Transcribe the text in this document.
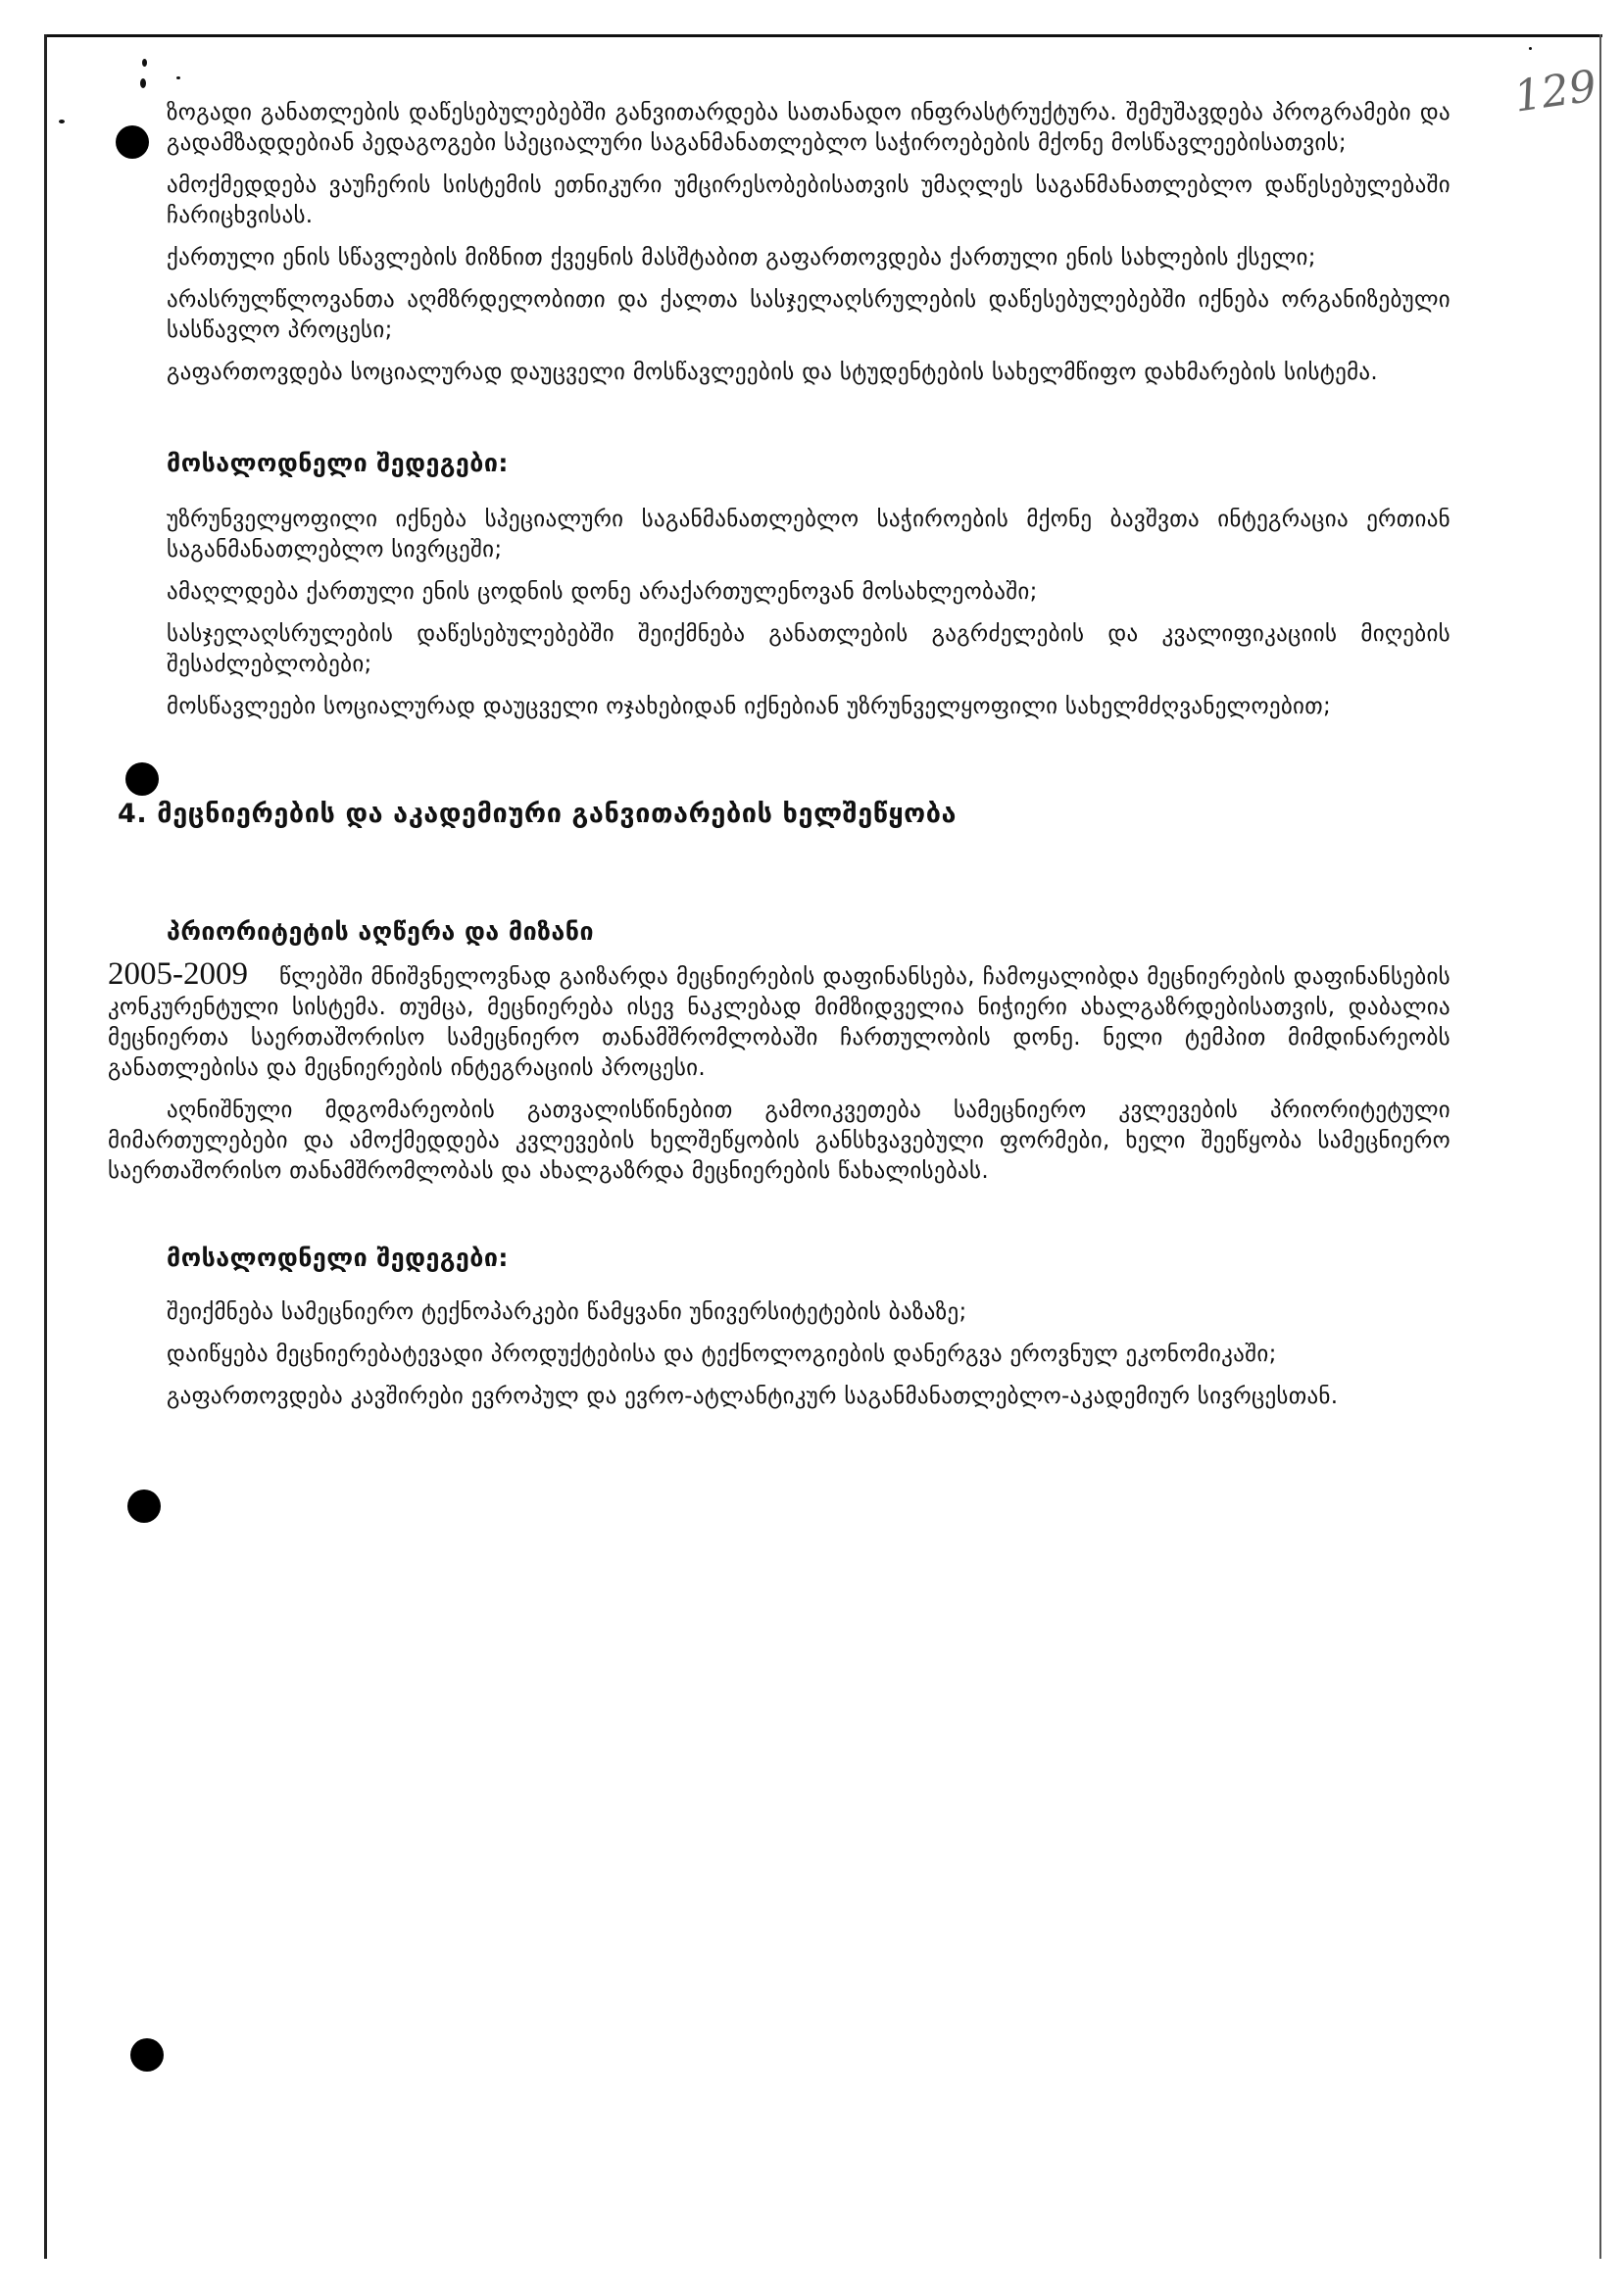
129

ზოგადი განათლების დაწესებულებებში განვითარდება სათანადო ინფრასტრუქტურა. შემუშავდება პროგრამები და გადამზადდებიან პედაგოგები სპეციალური საგანმანათლებლო საჭიროებების მქონე მოსწავლეებისათვის;

ამოქმედდება ვაუჩერის სისტემის ეთნიკური უმცირესობებისათვის უმაღლეს საგანმანათლებლო დაწესებულებაში ჩარიცხვისას.

ქართული ენის სწავლების მიზნით ქვეყნის მასშტაბით გაფართოვდება ქართული ენის სახლების ქსელი;

არასრულწლოვანთა აღმზრდელობითი და ქალთა სასჯელაღსრულების დაწესებულებებში იქნება ორგანიზებული სასწავლო პროცესი;

გაფართოვდება სოციალურად დაუცველი მოსწავლეების და სტუდენტების სახელმწიფო დახმარების სისტემა.

მოსალოდნელი შედეგები:

უზრუნველყოფილი იქნება სპეციალური საგანმანათლებლო საჭიროების მქონე ბავშვთა ინტეგრაცია ერთიან საგანმანათლებლო სივრცეში;

ამაღლდება ქართული ენის ცოდნის დონე არაქართულენოვან მოსახლეობაში;

სასჯელაღსრულების დაწესებულებებში შეიქმნება განათლების გაგრძელების და კვალიფიკაციის მიღების შესაძლებლობები;

მოსწავლეები სოციალურად დაუცველი ოჯახებიდან იქნებიან უზრუნველყოფილი სახელმძღვანელოებით;

4. მეცნიერების და აკადემიური განვითარების ხელშეწყობა
პრიორიტეტის აღწერა და მიზანი

2005-2009 წლებში მნიშვნელოვნად გაიზარდა მეცნიერების დაფინანსება, ჩამოყალიბდა მეცნიერების დაფინანსების კონკურენტული სისტემა. თუმცა, მეცნიერება ისევ ნაკლებად მიმზიდველია ნიჭიერი ახალგაზრდებისათვის, დაბალია მეცნიერთა საერთაშორისო სამეცნიერო თანამშრომლობაში ჩართულობის დონე. ნელი ტემპით მიმდინარეობს განათლებისა და მეცნიერების ინტეგრაციის პროცესი.

აღნიშნული მდგომარეობის გათვალისწინებით გამოიკვეთება სამეცნიერო კვლევების პრიორიტეტული მიმართულებები და ამოქმედდება კვლევების ხელშეწყობის განსხვავებული ფორმები, ხელი შეეწყობა სამეცნიერო საერთაშორისო თანამშრომლობას და ახალგაზრდა მეცნიერების წახალისებას.

მოსალოდნელი შედეგები:

შეიქმნება სამეცნიერო ტექნოპარკები წამყვანი უნივერსიტეტების ბაზაზე;

დაიწყება მეცნიერებატევადი პროდუქტებისა და ტექნოლოგიების დანერგვა ეროვნულ ეკონომიკაში;

გაფართოვდება კავშირები ევროპულ და ევრო-ატლანტიკურ საგანმანათლებლო-აკადემიურ სივრცესთან.
